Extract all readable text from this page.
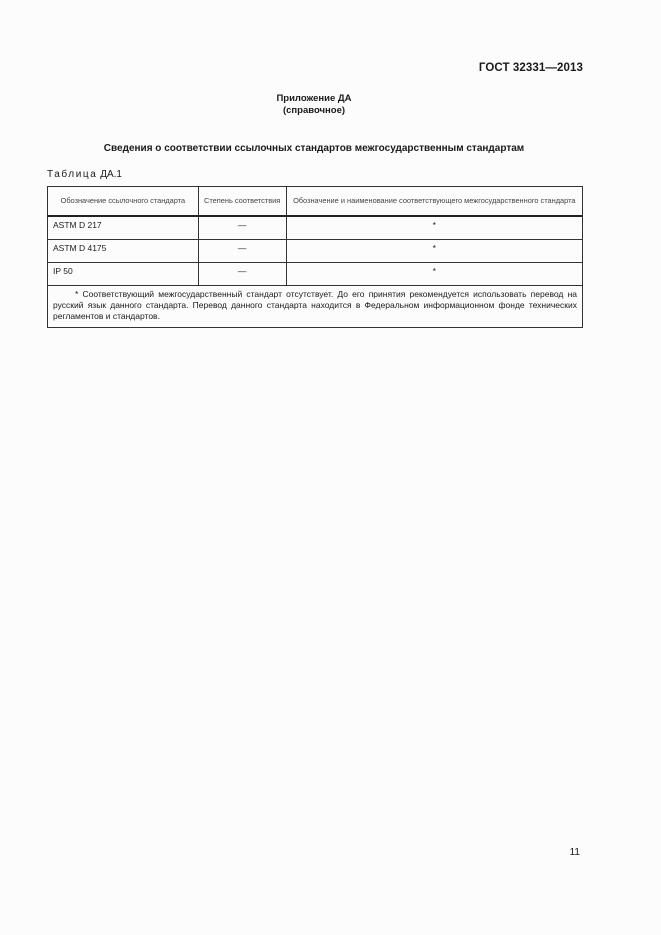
ГОСТ 32331—2013
Приложение ДА
(справочное)
Сведения о соответствии ссылочных стандартов межгосударственным стандартам
Таблица ДА.1
Обозначение ссылочного стандарта	Степень соответствия	Обозначение и наименование соответствующего межгосударственного стандарта
ASTM D 217	—	*
ASTM D 4175	—	*
IP 50	—	*
* Соответствующий межгосударственный стандарт отсутствует. До его принятия рекомендуется использовать перевод на русский язык данного стандарта. Перевод данного стандарта находится в Федеральном информационном фонде технических регламентов и стандартов.		
11
